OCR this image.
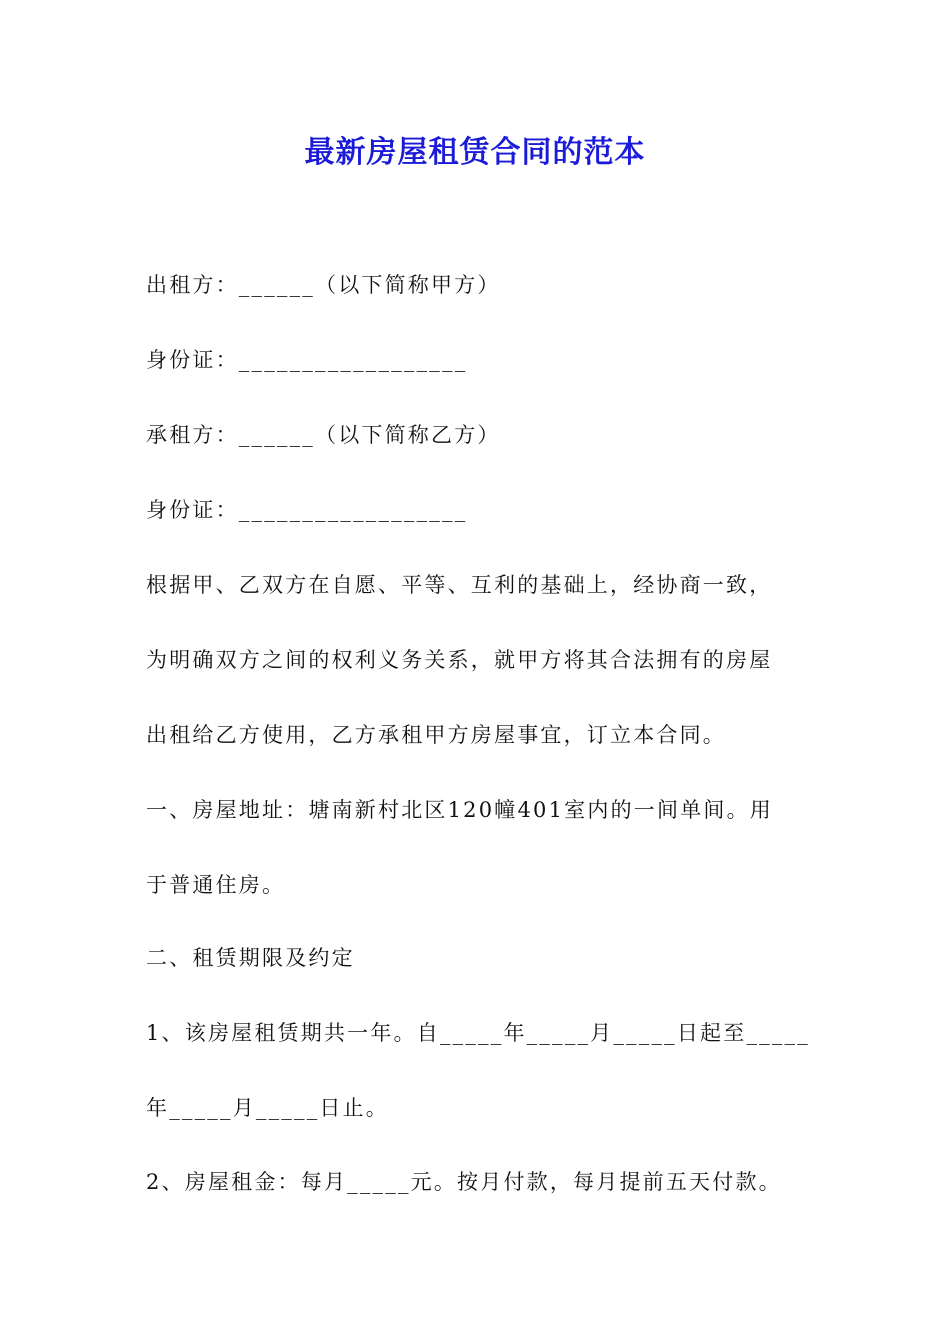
最新房屋租赁合同的范本
出租方：______（以下简称甲方）
身份证：__________________
承租方：______（以下简称乙方）
身份证：__________________
根据甲、乙双方在自愿、平等、互利的基础上，经协商一致，
为明确双方之间的权利义务关系，就甲方将其合法拥有的房屋
出租给乙方使用，乙方承租甲方房屋事宜，订立本合同。
一、房屋地址：塘南新村北区120幢401室内的一间单间。用
于普通住房。
二、租赁期限及约定
1、该房屋租赁期共一年。自_____年_____月_____日起至_____
年_____月_____日止。
2、房屋租金：每月_____元。按月付款，每月提前五天付款。
